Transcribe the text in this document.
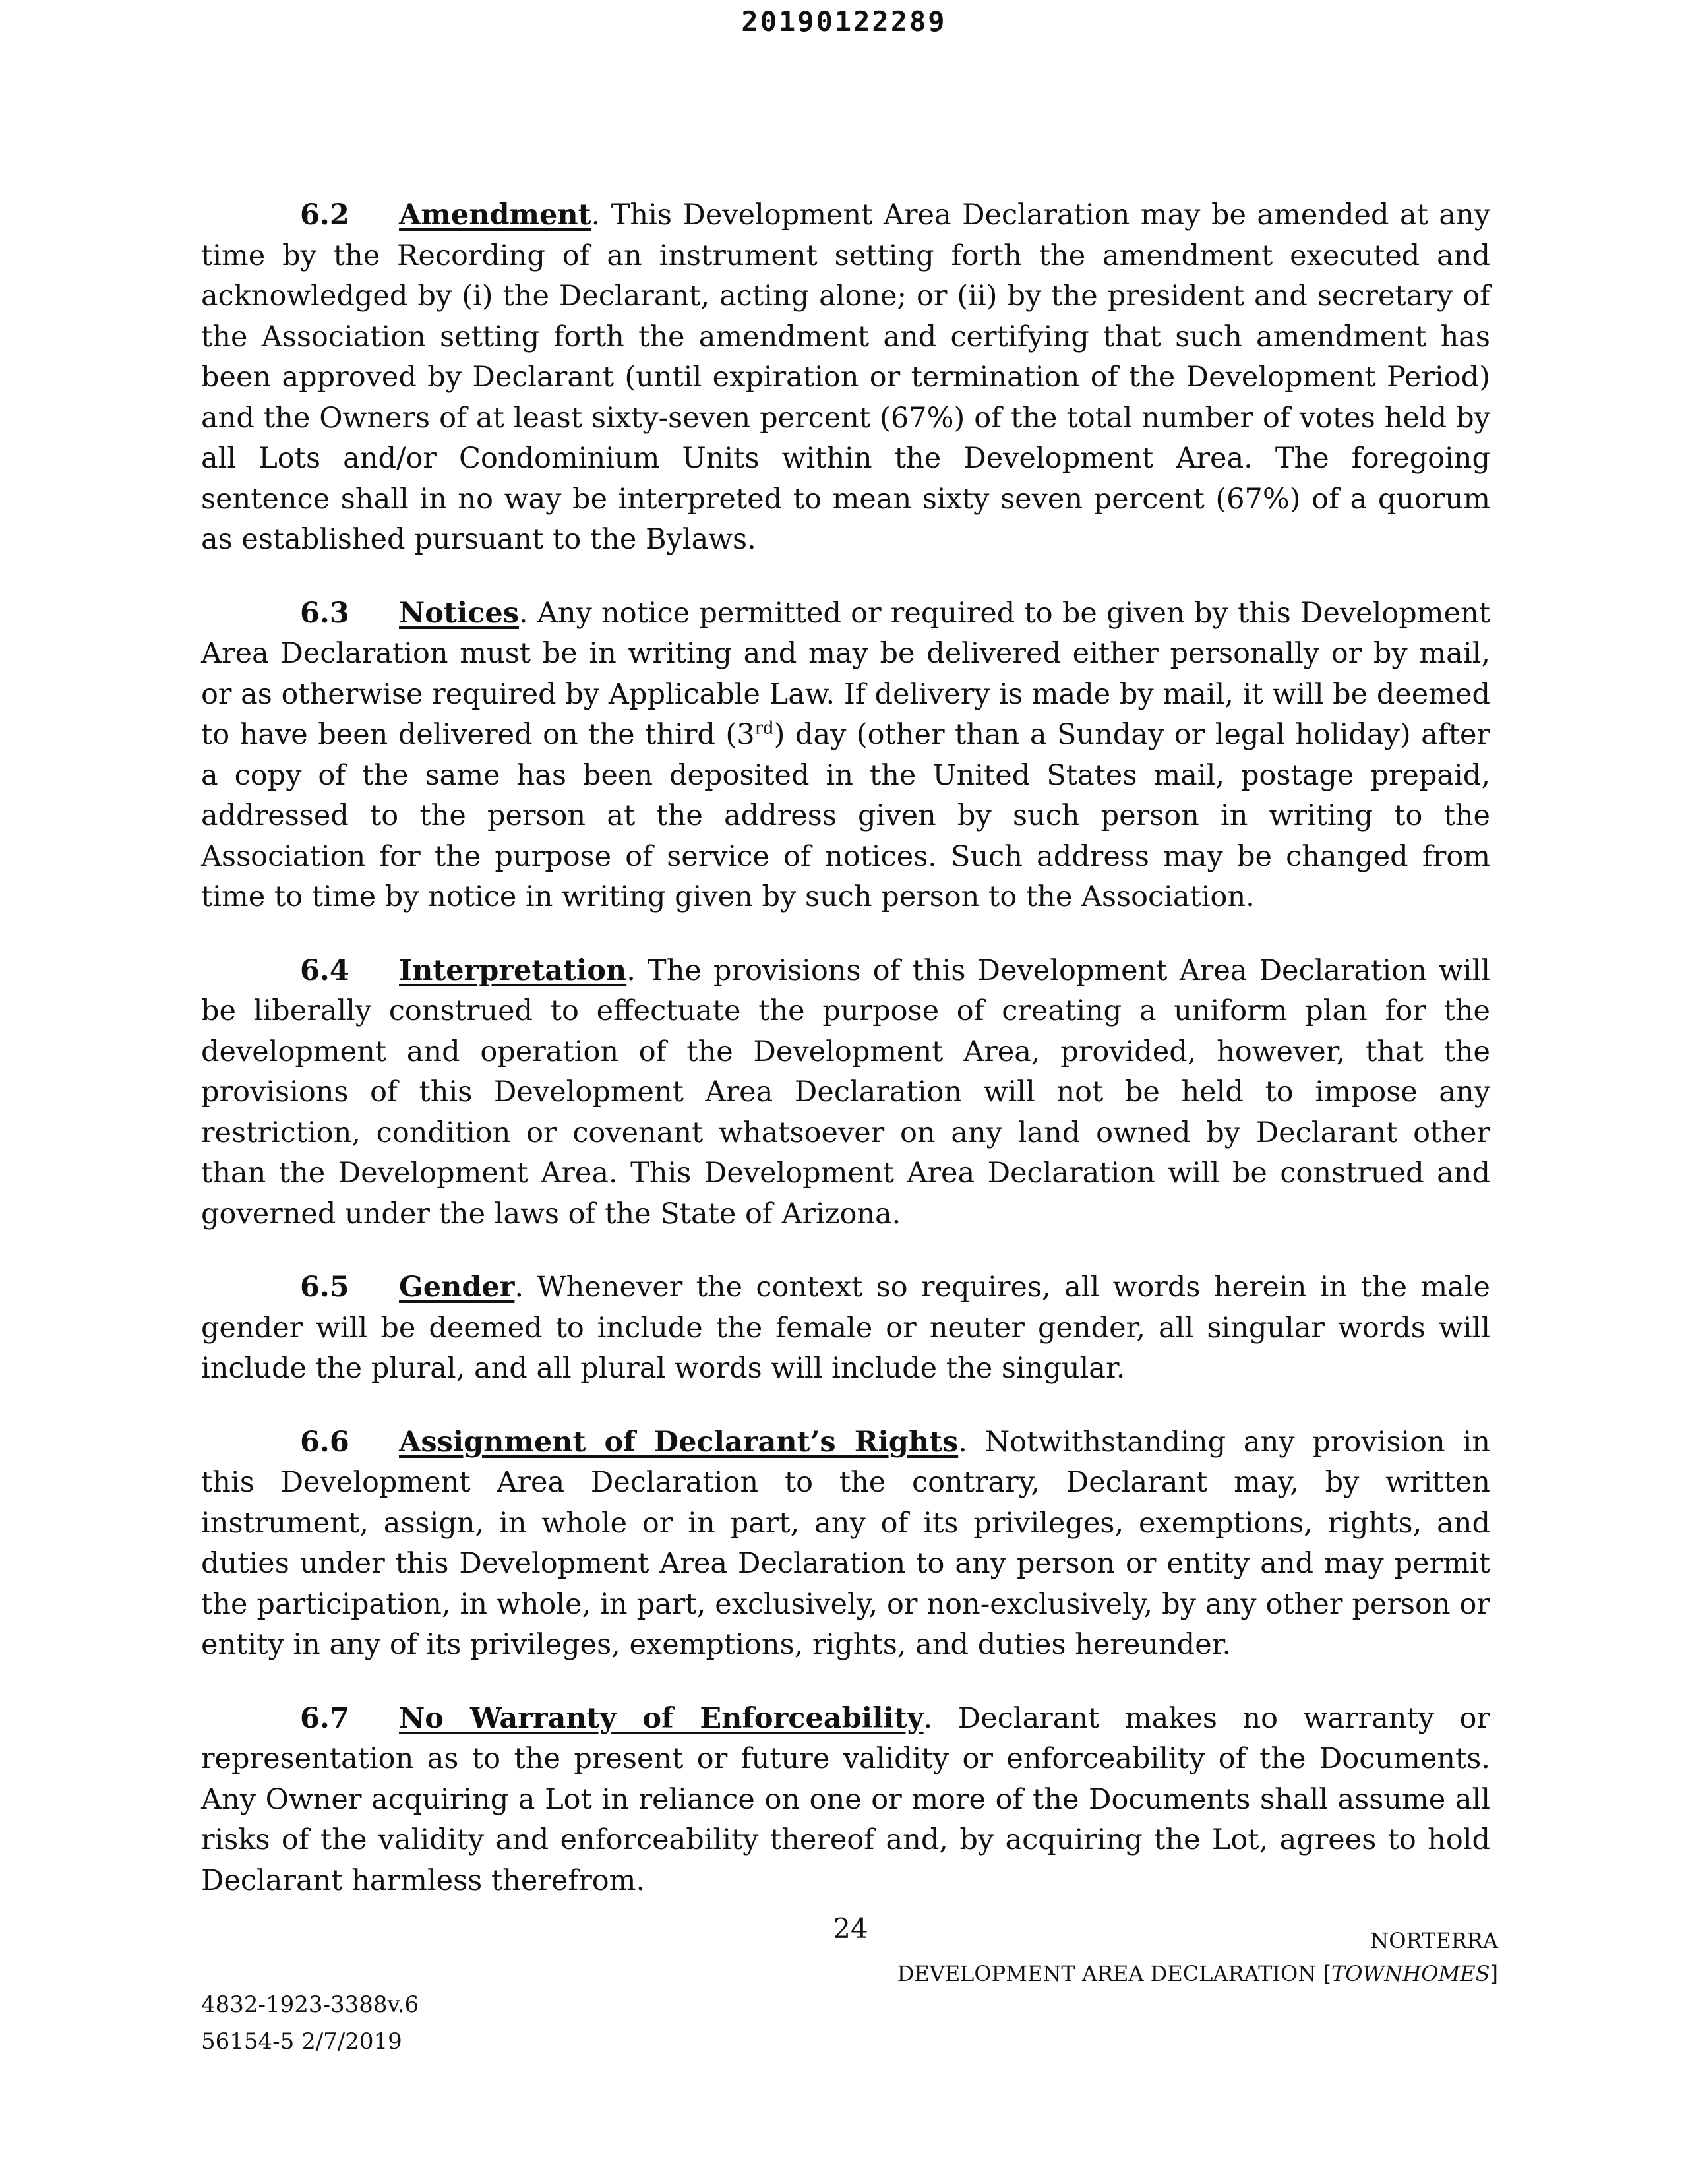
20190122289

6.2 Amendment. This Development Area Declaration may be amended at any time by the Recording of an instrument setting forth the amendment executed and acknowledged by (i) the Declarant, acting alone; or (ii) by the president and secretary of the Association setting forth the amendment and certifying that such amendment has been approved by Declarant (until expiration or termination of the Development Period) and the Owners of at least sixty-seven percent (67%) of the total number of votes held by all Lots and/or Condominium Units within the Development Area. The foregoing sentence shall in no way be interpreted to mean sixty seven percent (67%) of a quorum as established pursuant to the Bylaws.

6.3 Notices. Any notice permitted or required to be given by this Development Area Declaration must be in writing and may be delivered either personally or by mail, or as otherwise required by Applicable Law. If delivery is made by mail, it will be deemed to have been delivered on the third (3rd) day (other than a Sunday or legal holiday) after a copy of the same has been deposited in the United States mail, postage prepaid, addressed to the person at the address given by such person in writing to the Association for the purpose of service of notices. Such address may be changed from time to time by notice in writing given by such person to the Association.

6.4 Interpretation. The provisions of this Development Area Declaration will be liberally construed to effectuate the purpose of creating a uniform plan for the development and operation of the Development Area, provided, however, that the provisions of this Development Area Declaration will not be held to impose any restriction, condition or covenant whatsoever on any land owned by Declarant other than the Development Area. This Development Area Declaration will be construed and governed under the laws of the State of Arizona.

6.5 Gender. Whenever the context so requires, all words herein in the male gender will be deemed to include the female or neuter gender, all singular words will include the plural, and all plural words will include the singular.

6.6 Assignment of Declarant’s Rights. Notwithstanding any provision in this Development Area Declaration to the contrary, Declarant may, by written instrument, assign, in whole or in part, any of its privileges, exemptions, rights, and duties under this Development Area Declaration to any person or entity and may permit the participation, in whole, in part, exclusively, or non-exclusively, by any other person or entity in any of its privileges, exemptions, rights, and duties hereunder.

6.7 No Warranty of Enforceability. Declarant makes no warranty or representation as to the present or future validity or enforceability of the Documents. Any Owner acquiring a Lot in reliance on one or more of the Documents shall assume all risks of the validity and enforceability thereof and, by acquiring the Lot, agrees to hold Declarant harmless therefrom.

24	NORTERRA
DEVELOPMENT AREA DECLARATION [TOWNHOMES]
4832-1923-3388v.6
56154-5 2/7/2019
